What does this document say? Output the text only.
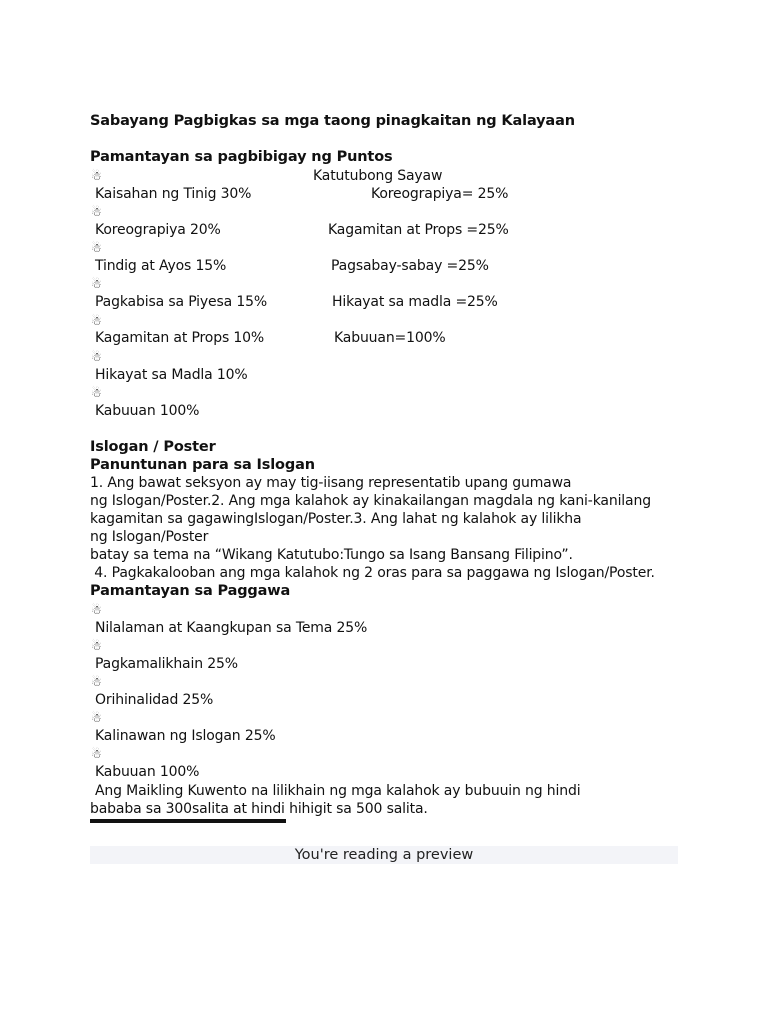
Sabayang Pagbigkas sa mga taong pinagkaitan ng Kalayaan
Pamantayan sa pagbibigay ng Puntos
☃
☃
☃
☃
☃
☃
☃
Katutubong Sayaw
Kaisahan ng Tinig 30%
Koreograpiya 20%
Tindig at Ayos 15%
Pagkabisa sa Piyesa 15%
Kagamitan at Props 10%
Hikayat sa Madla 10%
Kabuuan 100%
Koreograpiya= 25%
Kagamitan at Props =25%
Pagsabay-sabay =25%
Hikayat sa madla =25%
Kabuuan=100%
Islogan / Poster
Panuntunan para sa Islogan
1. Ang bawat seksyon ay may tig-iisang representatib upang gumawa
ng Islogan/Poster.2. Ang mga kalahok ay kinakailangan magdala ng kani-kanilang
kagamitan sa gagawingIslogan/Poster.3. Ang lahat ng kalahok ay lilikha
ng Islogan/Poster
batay sa tema na “Wikang Katutubo:Tungo sa Isang Bansang Filipino”.
4. Pagkakalooban ang mga kalahok ng 2 oras para sa paggawa ng Islogan/Poster.
Pamantayan sa Paggawa
☃
☃
☃
☃
☃
Nilalaman at Kaangkupan sa Tema 25%
Pagkamalikhain 25%
Orihinalidad 25%
Kalinawan ng Islogan 25%
Kabuuan 100%
Ang Maikling Kuwento na lilikhain ng mga kalahok ay bubuuin ng hindi
bababa sa 300salita at hindi hihigit sa 500 salita.
You're reading a preview
